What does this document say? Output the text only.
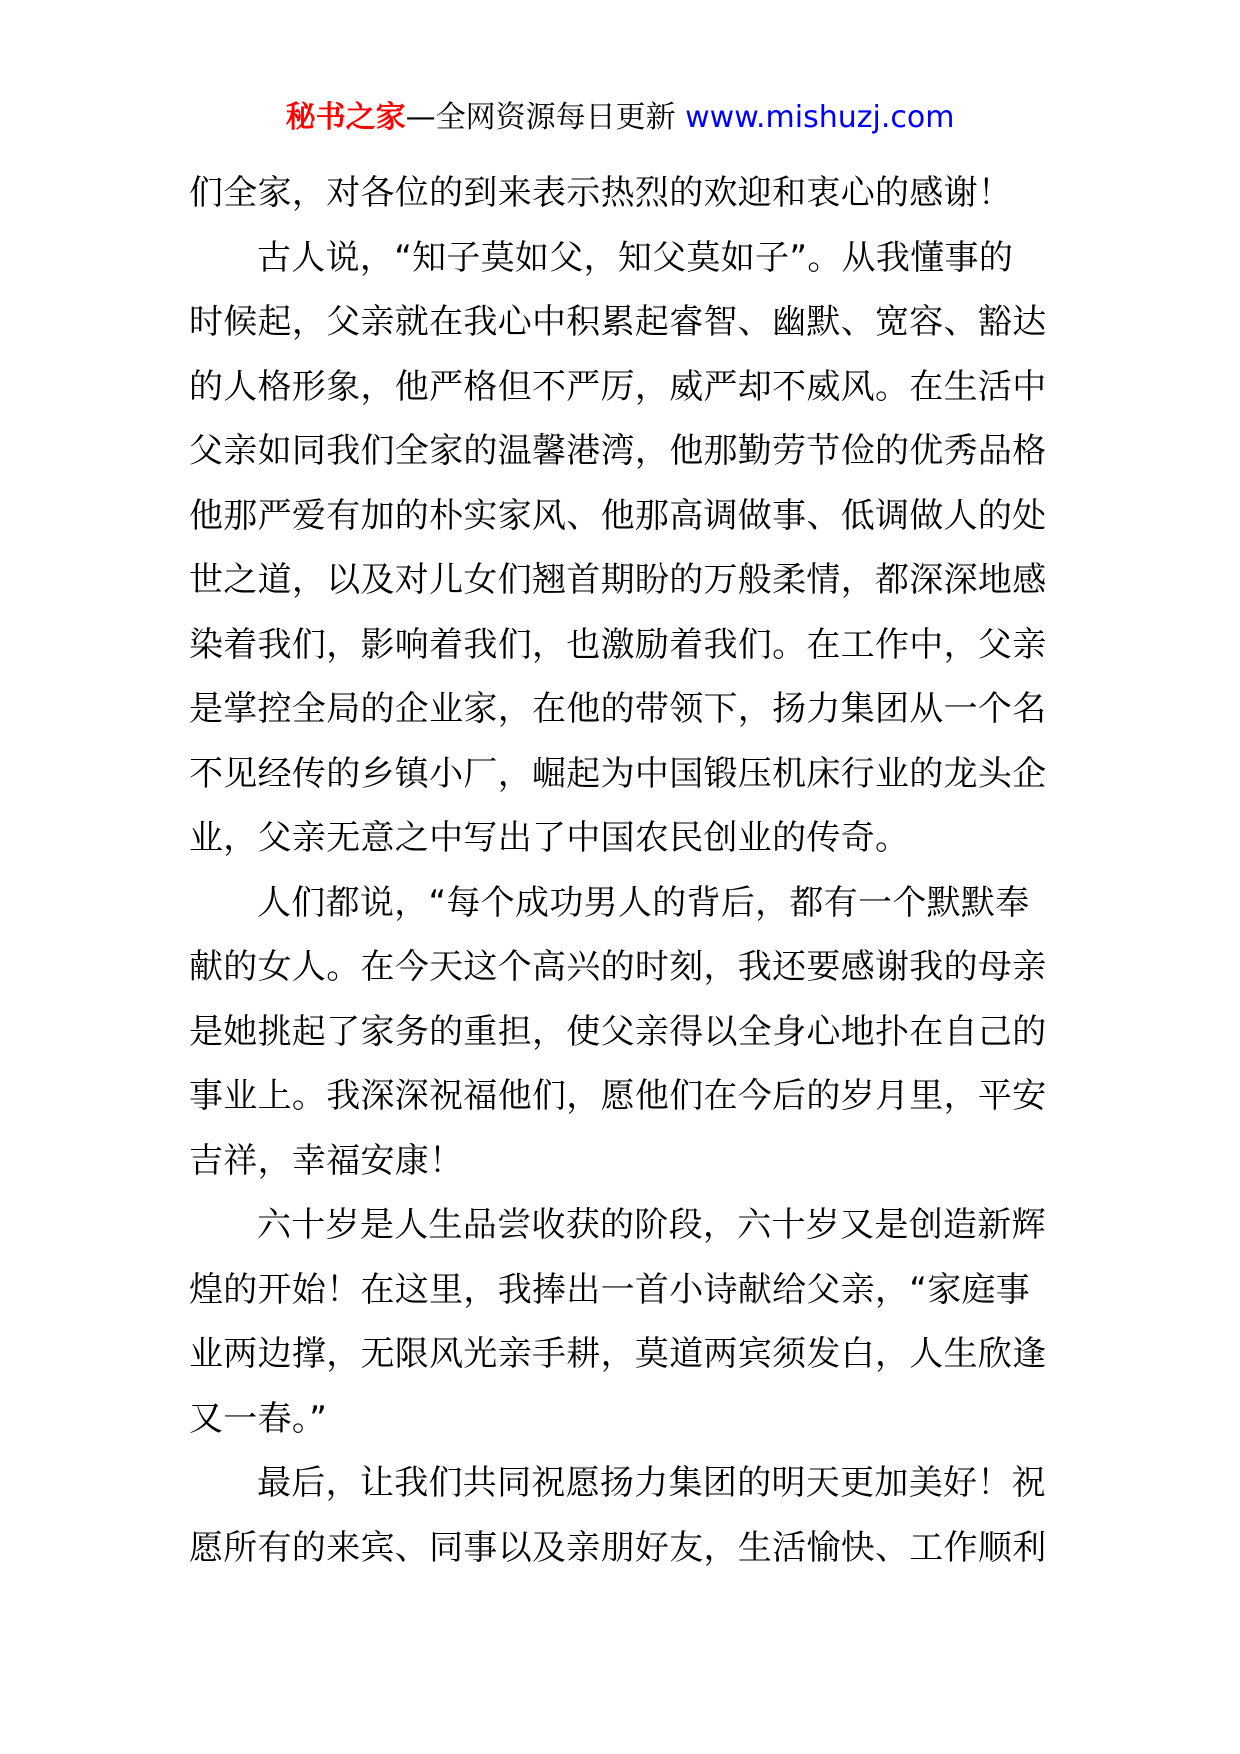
秘书之家—全网资源每日更新 www.mishuzj.com
们全家，对各位的到来表示热烈的欢迎和衷心的感谢！
古人说，“知子莫如父，知父莫如子”。从我懂事的
时候起，父亲就在我心中积累起睿智、幽默、宽容、豁达
的人格形象，他严格但不严厉，威严却不威风。在生活中
父亲如同我们全家的温馨港湾，他那勤劳节俭的优秀品格
他那严爱有加的朴实家风、他那高调做事、低调做人的处
世之道，以及对儿女们翘首期盼的万般柔情，都深深地感
染着我们，影响着我们，也激励着我们。在工作中，父亲
是掌控全局的企业家，在他的带领下，扬力集团从一个名
不见经传的乡镇小厂，崛起为中国锻压机床行业的龙头企
业，父亲无意之中写出了中国农民创业的传奇。
人们都说，“每个成功男人的背后，都有一个默默奉
献的女人。在今天这个高兴的时刻，我还要感谢我的母亲
是她挑起了家务的重担，使父亲得以全身心地扑在自己的
事业上。我深深祝福他们，愿他们在今后的岁月里，平安
吉祥，幸福安康！
六十岁是人生品尝收获的阶段，六十岁又是创造新辉
煌的开始！在这里，我捧出一首小诗献给父亲，“家庭事
业两边撑，无限风光亲手耕，莫道两宾须发白，人生欣逢
又一春。”
最后，让我们共同祝愿扬力集团的明天更加美好！祝
愿所有的来宾、同事以及亲朋好友，生活愉快、工作顺利
